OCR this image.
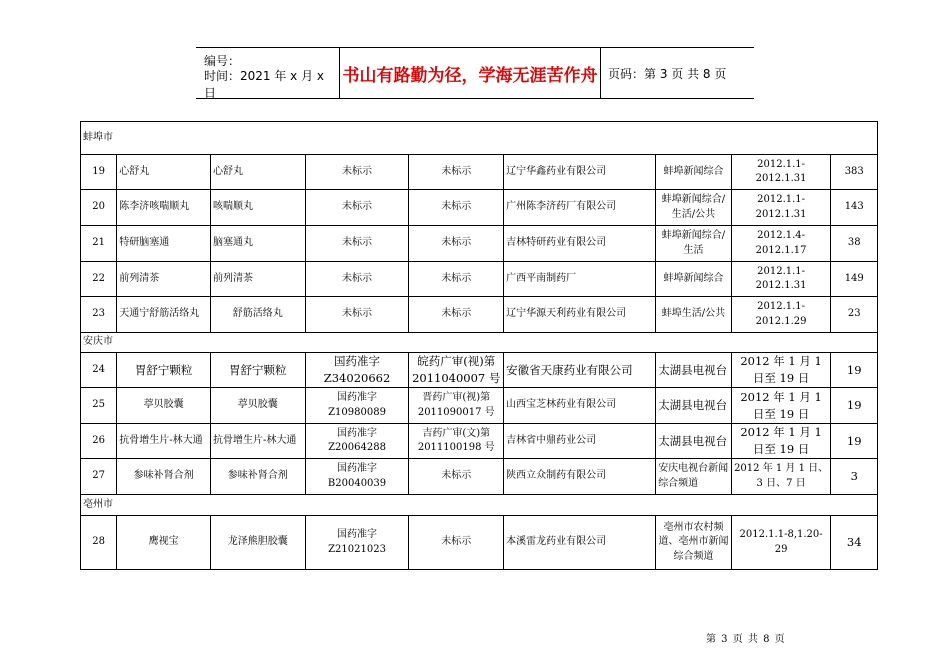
编号：
时间：2021 年 x 月 x 日
书山有路勤为径，学海无涯苦作舟 页码：第 3 页 共 8 页
蚌埠市								
19	心舒丸	心舒丸	未标示	未标示	辽宁华鑫药业有限公司	蚌埠新闻综合	2012.1.1-2012.1.31	383
20	陈李济咳喘顺丸	咳喘顺丸	未标示	未标示	广州陈李济药厂有限公司	蚌埠新闻综合/生活/公共	2012.1.1-2012.1.31	143
21	特研脑塞通	脑塞通丸	未标示	未标示	吉林特研药业有限公司	蚌埠新闻综合/生活	2012.1.4-2012.1.17	38
22	前列清茶	前列清茶	未标示	未标示	广西平南制药厂	蚌埠新闻综合	2012.1.1-2012.1.31	149
23	天通宁舒筋活络丸	舒筋活络丸	未标示	未标示	辽宁华源天利药业有限公司	蚌埠生活/公共	2012.1.1-2012.1.29	23
安庆市								
24	胃舒宁颗粒	胃舒宁颗粒	国药准字 Z34020662	皖药广审(视)第 2011040007 号	安徽省天康药业有限公司	太湖县电视台	2012 年 1 月 1 日至 19 日	19
25	葶贝胶囊	葶贝胶囊	国药准字 Z10980089	晋药广审(视)第 2011090017 号	山西宝芝林药业有限公司	太湖县电视台	2012 年 1 月 1 日至 19 日	19
26	抗骨增生片-林大通	抗骨增生片-林大通	国药准字 Z20064288	吉药广审(文)第 2011100198 号	吉林省中鼎药业公司	太湖县电视台	2012 年 1 月 1 日至 19 日	19
27	参味补肾合剂	参味补肾合剂	国药准字 B20040039	未标示	陕西立众制药有限公司	安庆电视台新闻综合频道	2012 年 1 月 1 日、3 日、7 日	3
亳州市								
28	鹰视宝	龙泽熊胆胶囊	国药准字 Z21021023	未标示	本溪雷龙药业有限公司	亳州市农村频道、亳州市新闻综合频道	2012.1.1-8,1.20-29	34
第 3 页 共 8 页
